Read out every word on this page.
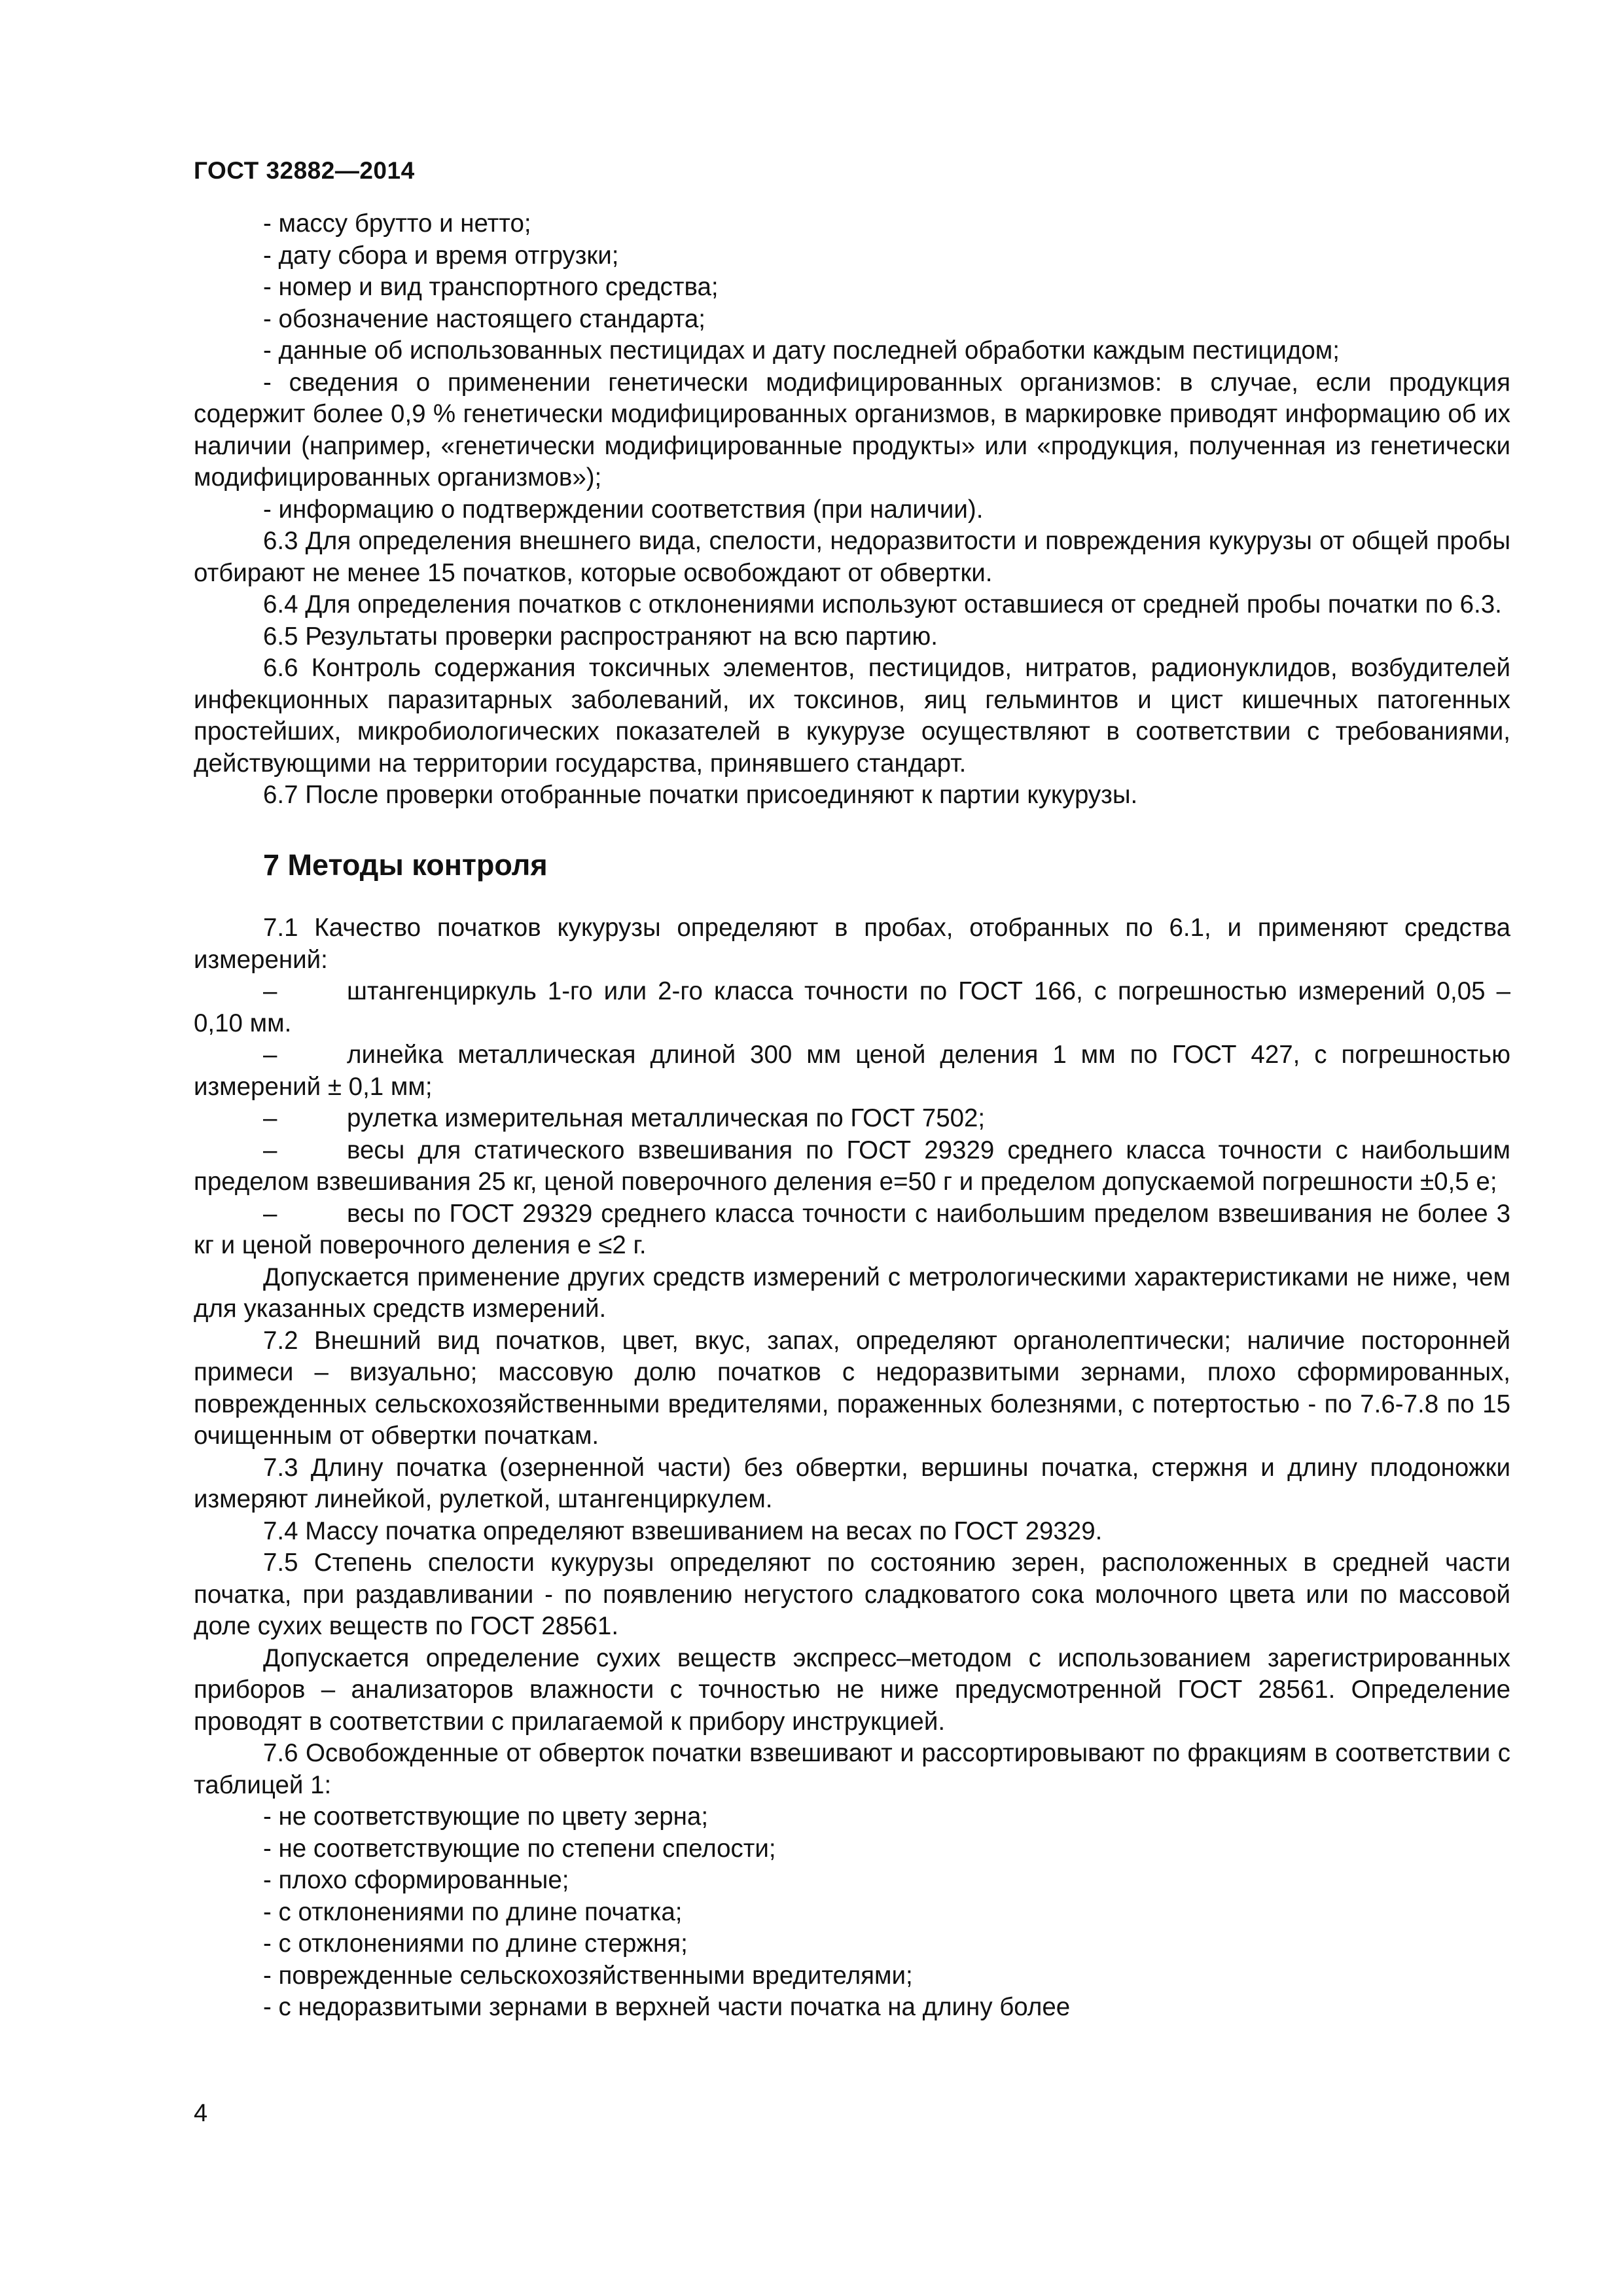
ГОСТ 32882—2014

- массу брутто и нетто;

- дату сбора и время отгрузки;

- номер и вид транспортного средства;

- обозначение настоящего стандарта;

- данные об использованных пестицидах и дату последней обработки каждым пестицидом;

- сведения о применении генетически модифицированных организмов: в случае, если продукция содержит более 0,9 % генетически модифицированных организмов, в маркировке приводят информацию об их наличии (например, «генетически модифицированные продукты» или «продукция, полученная из генетически модифицированных организмов»);

- информацию о подтверждении соответствия (при наличии).

6.3 Для определения внешнего вида, спелости, недоразвитости и повреждения кукурузы от общей пробы отбирают не менее 15 початков, которые освобождают от обвертки.

6.4 Для определения початков с отклонениями используют оставшиеся от средней пробы початки по 6.3.

6.5 Результаты проверки распространяют на всю партию.

6.6 Контроль содержания токсичных элементов, пестицидов, нитратов, радионуклидов, возбудителей инфекционных паразитарных заболеваний, их токсинов, яиц гельминтов и цист кишечных патогенных простейших, микробиологических показателей в кукурузе осуществляют в соответствии с требованиями, действующими на территории государства, принявшего стандарт.

6.7 После проверки отобранные початки присоединяют к партии кукурузы.

7 Методы контроля

7.1 Качество початков кукурузы определяют в пробах, отобранных по 6.1, и применяют средства измерений:

–	штангенциркуль 1-го или 2-го класса точности по ГОСТ 166, с погрешностью измерений 0,05 – 0,10 мм.

–	линейка металлическая длиной 300 мм ценой деления 1 мм по ГОСТ 427, с погрешностью измерений ± 0,1 мм;

–	рулетка измерительная металлическая по ГОСТ 7502;

–	весы для статического взвешивания по ГОСТ 29329 среднего класса точности с наибольшим пределом взвешивания 25 кг, ценой поверочного деления e=50 г и пределом допускаемой погрешности ±0,5 e;

–	весы по ГОСТ 29329 среднего класса точности с наибольшим пределом взвешивания не более 3 кг и ценой поверочного деления e ≤2 г.

Допускается применение других средств измерений с метрологическими характеристиками не ниже, чем для указанных средств измерений.

7.2 Внешний вид початков, цвет, вкус, запах, определяют органолептически; наличие посторонней примеси – визуально; массовую долю початков с недоразвитыми зернами, плохо сформированных, поврежденных сельскохозяйственными вредителями, пораженных болезнями, с потертостью - по 7.6-7.8 по 15 очищенным от обвертки початкам.

7.3 Длину початка (озерненной части) без обвертки, вершины початка, стержня и длину плодоножки измеряют линейкой, рулеткой, штангенциркулем.

7.4 Массу початка определяют взвешиванием на весах по ГОСТ 29329.

7.5 Степень спелости кукурузы определяют по состоянию зерен, расположенных в средней части початка, при раздавливании - по появлению негустого сладковатого сока молочного цвета или по массовой доле сухих веществ по ГОСТ 28561.

Допускается определение сухих веществ экспресс–методом с использованием зарегистрированных приборов – анализаторов влажности с точностью не ниже предусмотренной ГОСТ 28561. Определение проводят в соответствии с прилагаемой к прибору инструкцией.

7.6 Освобожденные от обверток початки взвешивают и рассортировывают по фракциям в соответствии с таблицей 1:

- не соответствующие по цвету зерна;

- не соответствующие по степени спелости;

- плохо сформированные;

- с отклонениями по длине початка;

- с отклонениями по длине стержня;

- поврежденные сельскохозяйственными вредителями;

- с недоразвитыми зернами в верхней части початка на длину более

4
